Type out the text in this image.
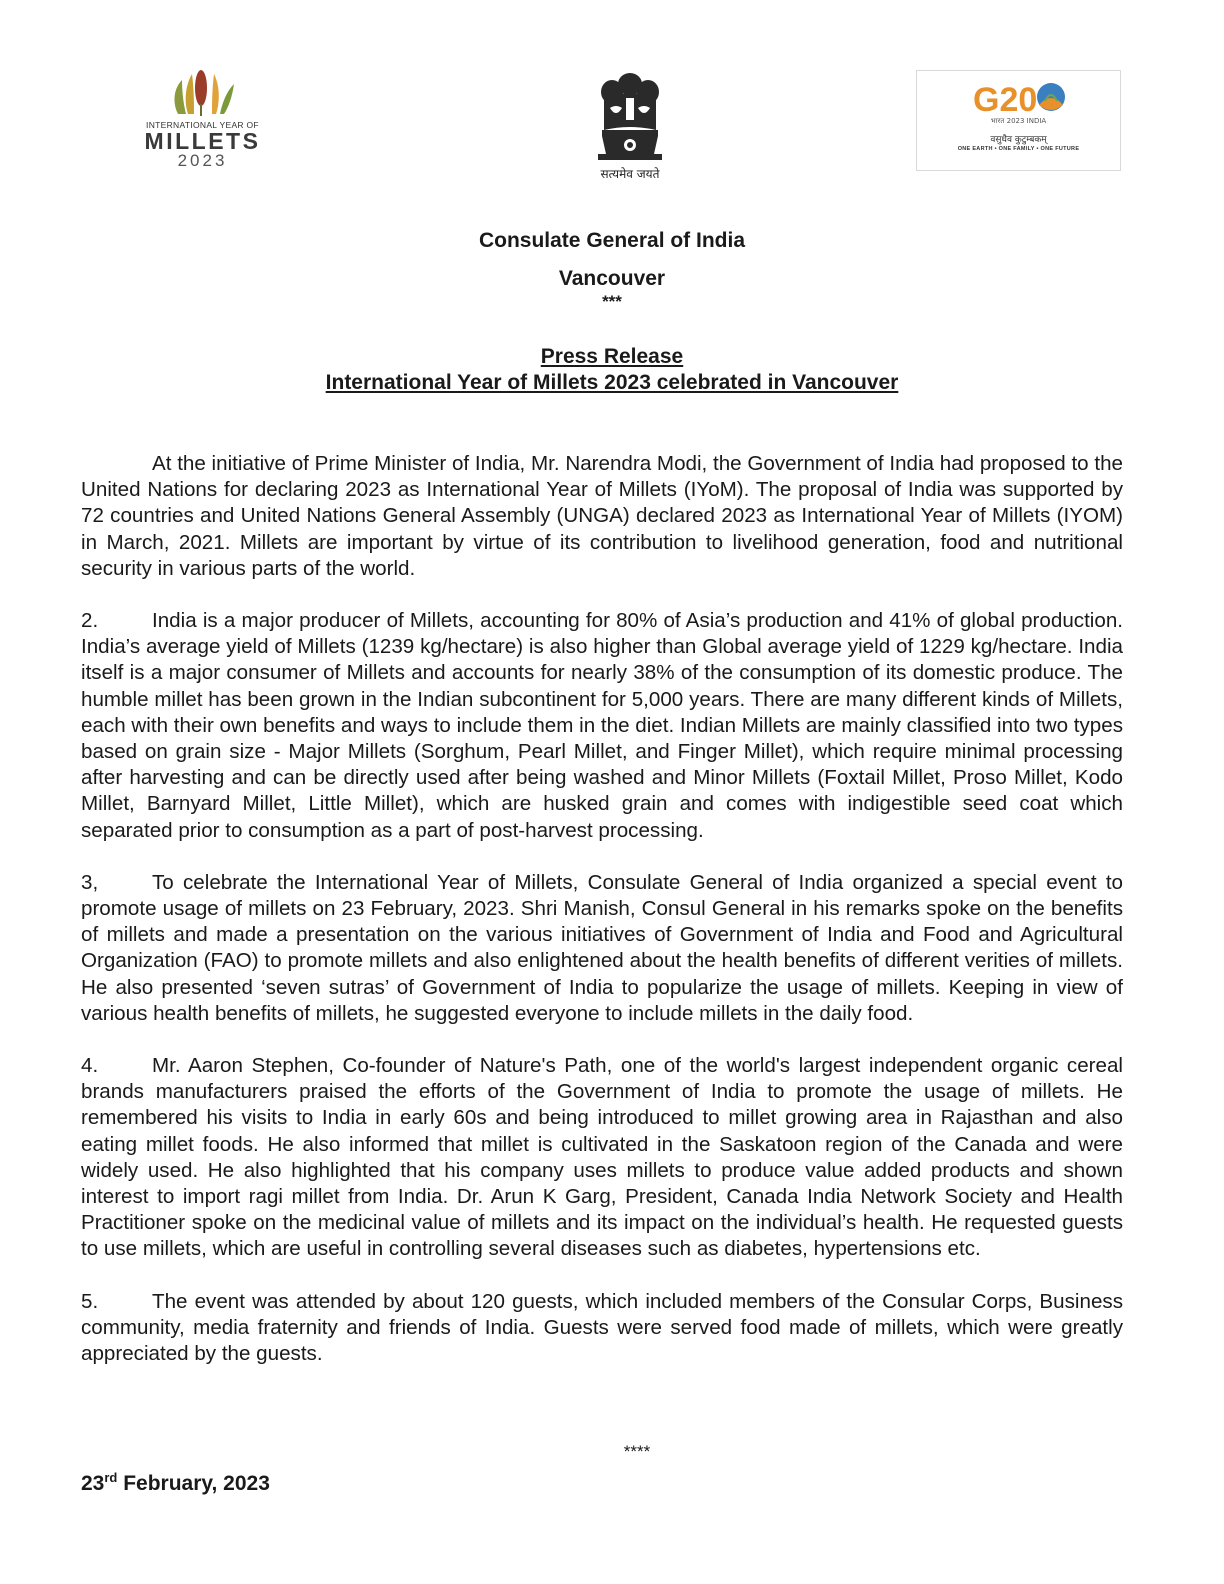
INTERNATIONAL YEAR OF
MILLETS
2023
सत्यमेव जयते
G20
भारत 2023 INDIA
वसुधैव कुटुम्बकम्
ONE EARTH • ONE FAMILY • ONE FUTURE
Consulate General of India
Vancouver
***
Press Release
International Year of Millets 2023 celebrated in Vancouver

At the initiative of Prime Minister of India, Mr. Narendra Modi, the Government of India had proposed to the United Nations for declaring 2023 as International Year of Millets (IYoM). The proposal of India was supported by 72 countries and United Nations General Assembly (UNGA) declared 2023 as International Year of Millets (IYOM) in March, 2021. Millets are important by virtue of its contribution to livelihood generation, food and nutritional security in various parts of the world.

2.	India is a major producer of Millets, accounting for 80% of Asia’s production and 41% of global production. India’s average yield of Millets (1239 kg/hectare) is also higher than Global average yield of 1229 kg/hectare. India itself is a major consumer of Millets and accounts for nearly 38% of the consumption of its domestic produce. The humble millet has been grown in the Indian subcontinent for 5,000 years. There are many different kinds of Millets, each with their own benefits and ways to include them in the diet. Indian Millets are mainly classified into two types based on grain size - Major Millets (Sorghum, Pearl Millet, and Finger Millet), which require minimal processing after harvesting and can be directly used after being washed and Minor Millets (Foxtail Millet, Proso Millet, Kodo Millet, Barnyard Millet, Little Millet), which are husked grain and comes with indigestible seed coat which separated prior to consumption as a part of post-harvest processing.

3,	To celebrate the International Year of Millets, Consulate General of India organized a special event to promote usage of millets on 23 February, 2023. Shri Manish, Consul General in his remarks spoke on the benefits of millets and made a presentation on the various initiatives of Government of India and Food and Agricultural Organization (FAO) to promote millets and also enlightened about the health benefits of different verities of millets. He also presented ‘seven sutras’ of Government of India to popularize the usage of millets. Keeping in view of various health benefits of millets, he suggested everyone to include millets in the daily food.

4.	Mr. Aaron Stephen, Co-founder of Nature's Path, one of the world's largest independent organic cereal brands manufacturers praised the efforts of the Government of India to promote the usage of millets. He remembered his visits to India in early 60s and being introduced to millet growing area in Rajasthan and also eating millet foods. He also informed that millet is cultivated in the Saskatoon region of the Canada and were widely used. He also highlighted that his company uses millets to produce value added products and shown interest to import ragi millet from India. Dr. Arun K Garg, President, Canada India Network Society and Health Practitioner spoke on the medicinal value of millets and its impact on the individual’s health. He requested guests to use millets, which are useful in controlling several diseases such as diabetes, hypertensions etc.

5.	The event was attended by about 120 guests, which included members of the Consular Corps, Business community, media fraternity and friends of India. Guests were served food made of millets, which were greatly appreciated by the guests.

****
23rd February, 2023
